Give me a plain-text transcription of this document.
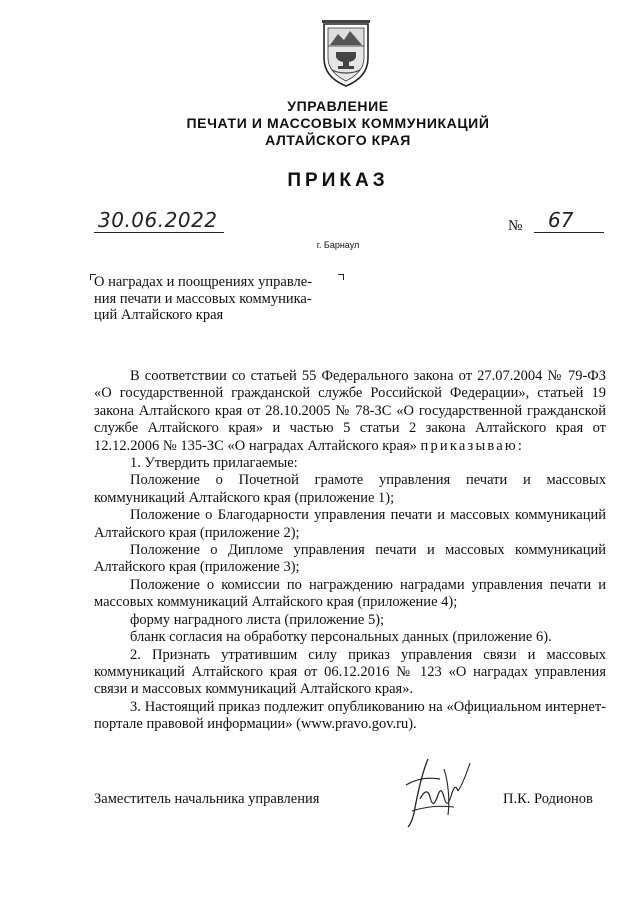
УПРАВЛЕНИЕ
ПЕЧАТИ И МАССОВЫХ КОММУНИКАЦИЙ
АЛТАЙСКОГО КРАЯ
ПРИКАЗ
30.06.2022	№ 67
г. Барнаул
О наградах и поощрениях управле-
ния печати и массовых коммуника-
ций Алтайского края

В соответствии со статьей 55 Федерального закона от 27.07.2004 № 79-ФЗ «О государственной гражданской службе Российской Федерации», статьей 19 закона Алтайского края от 28.10.2005 № 78-ЗС «О государственной гражданской службе Алтайского края» и частью 5 статьи 2 закона Алтайского края от 12.12.2006 № 135-ЗС «О наградах Алтайского края» приказываю:

1. Утвердить прилагаемые:

Положение о Почетной грамоте управления печати и массовых коммуникаций Алтайского края (приложение 1);

Положение о Благодарности управления печати и массовых коммуникаций Алтайского края (приложение 2);

Положение о Дипломе управления печати и массовых коммуникаций Алтайского края (приложение 3);

Положение о комиссии по награждению наградами управления печати и массовых коммуникаций Алтайского края (приложение 4);

форму наградного листа (приложение 5);

бланк согласия на обработку персональных данных (приложение 6).

2. Признать утратившим силу приказ управления связи и массовых коммуникаций Алтайского края от 06.12.2016 № 123 «О наградах управления связи и массовых коммуникаций Алтайского края».

3. Настоящий приказ подлежит опубликованию на «Официальном интернет-портале правовой информации» (www.pravo.gov.ru).

Заместитель начальника управления	П.К. Родионов
